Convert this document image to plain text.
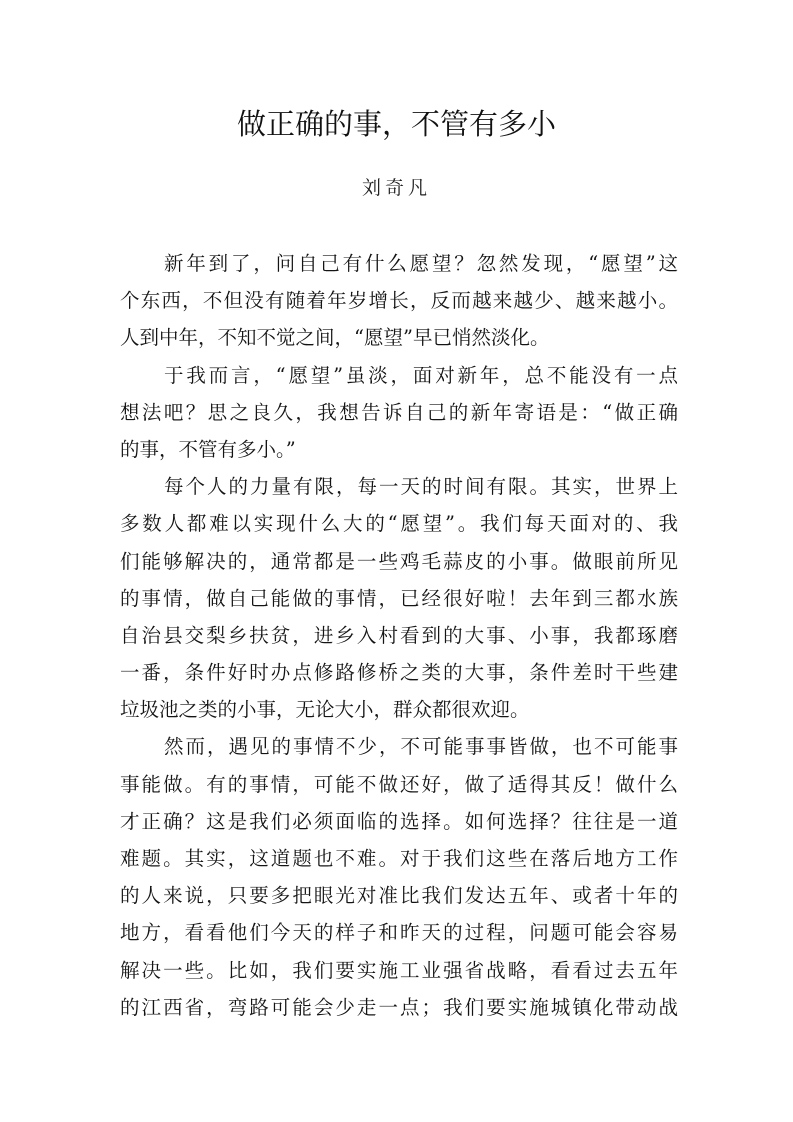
做正确的事，不管有多小
刘奇凡
新年到了，问自己有什么愿望？忽然发现，“愿望”这
个东西，不但没有随着年岁增长，反而越来越少、越来越小。
人到中年，不知不觉之间，“愿望”早已悄然淡化。
于我而言，“愿望”虽淡，面对新年，总不能没有一点
想法吧？思之良久，我想告诉自己的新年寄语是：“做正确
的事，不管有多小。”
每个人的力量有限，每一天的时间有限。其实，世界上
多数人都难以实现什么大的“愿望”。我们每天面对的、我
们能够解决的，通常都是一些鸡毛蒜皮的小事。做眼前所见
的事情，做自己能做的事情，已经很好啦！去年到三都水族
自治县交梨乡扶贫，进乡入村看到的大事、小事，我都琢磨
一番，条件好时办点修路修桥之类的大事，条件差时干些建
垃圾池之类的小事，无论大小，群众都很欢迎。
然而，遇见的事情不少，不可能事事皆做，也不可能事
事能做。有的事情，可能不做还好，做了适得其反！做什么
才正确？这是我们必须面临的选择。如何选择？往往是一道
难题。其实，这道题也不难。对于我们这些在落后地方工作
的人来说，只要多把眼光对准比我们发达五年、或者十年的
地方，看看他们今天的样子和昨天的过程，问题可能会容易
解决一些。比如，我们要实施工业强省战略，看看过去五年
的江西省，弯路可能会少走一点；我们要实施城镇化带动战
